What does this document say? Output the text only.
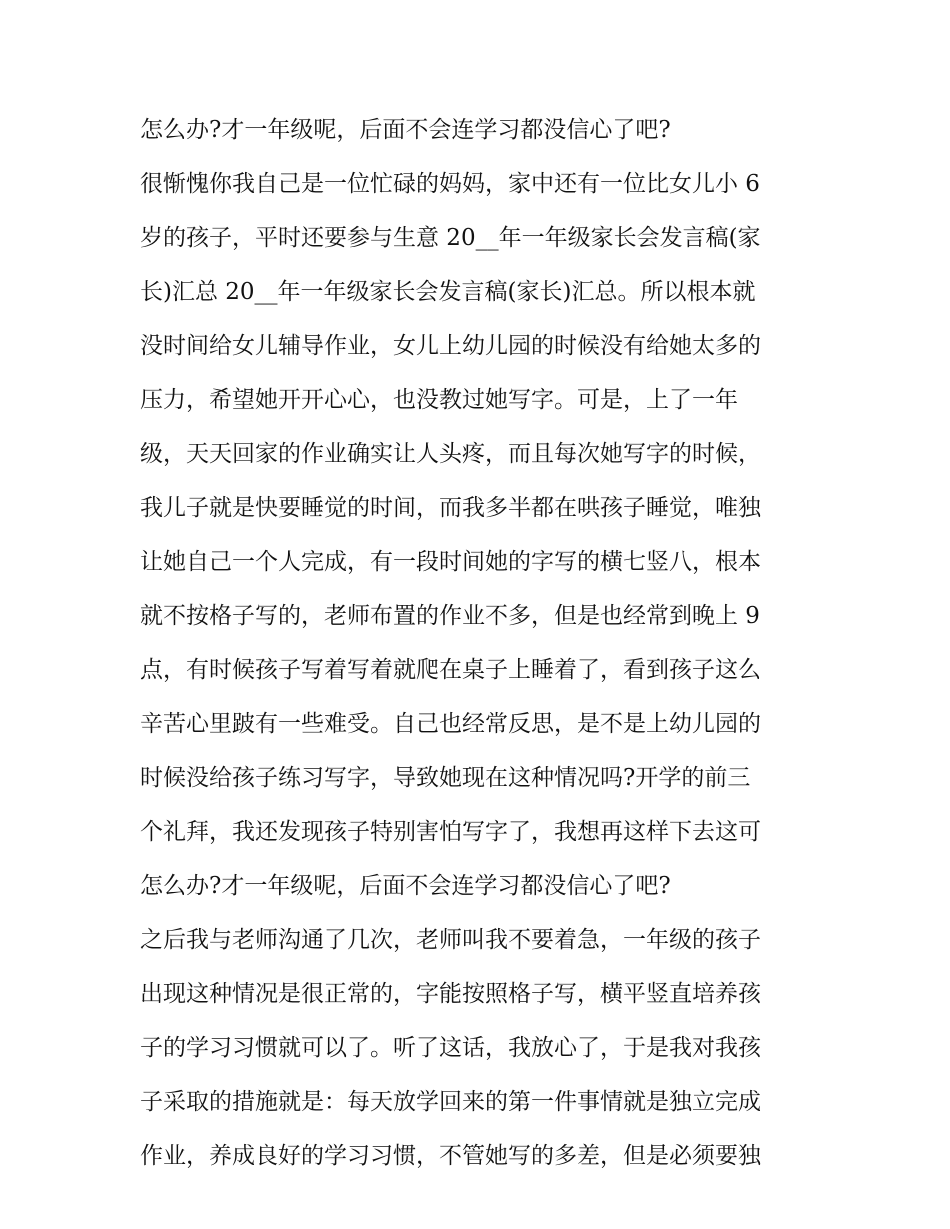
怎么办?才一年级呢，后面不会连学习都没信心了吧?
很惭愧你我自己是一位忙碌的妈妈，家中还有一位比女儿小 6
岁的孩子，平时还要参与生意 20__年一年级家长会发言稿(家
长)汇总 20__年一年级家长会发言稿(家长)汇总。所以根本就
没时间给女儿辅导作业，女儿上幼儿园的时候没有给她太多的
压力，希望她开开心心，也没教过她写字。可是，上了一年
级，天天回家的作业确实让人头疼，而且每次她写字的时候，
我儿子就是快要睡觉的时间，而我多半都在哄孩子睡觉，唯独
让她自己一个人完成，有一段时间她的字写的横七竖八，根本
就不按格子写的，老师布置的作业不多，但是也经常到晚上 9
点，有时候孩子写着写着就爬在桌子上睡着了，看到孩子这么
辛苦心里跛有一些难受。自己也经常反思，是不是上幼儿园的
时候没给孩子练习写字，导致她现在这种情况吗?开学的前三
个礼拜，我还发现孩子特别害怕写字了，我想再这样下去这可
怎么办?才一年级呢，后面不会连学习都没信心了吧?
之后我与老师沟通了几次，老师叫我不要着急，一年级的孩子
出现这种情况是很正常的，字能按照格子写，横平竖直培养孩
子的学习习惯就可以了。听了这话，我放心了，于是我对我孩
子采取的措施就是：每天放学回来的第一件事情就是独立完成
作业，养成良好的学习习惯，不管她写的多差，但是必须要独
